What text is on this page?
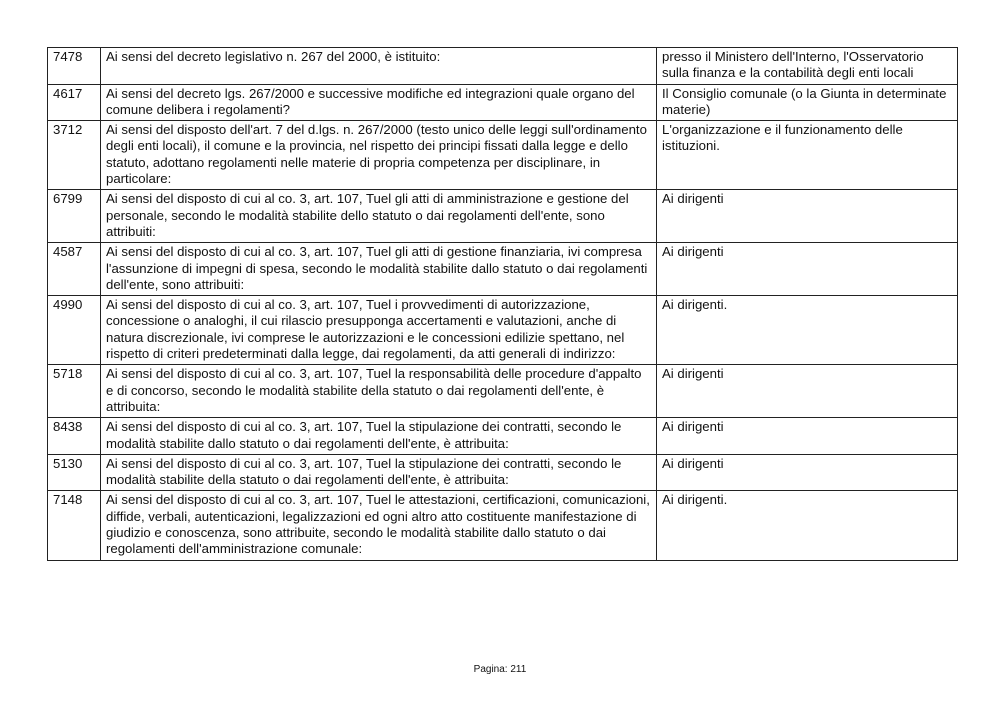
7478	Ai sensi del decreto legislativo n. 267 del 2000, è istituito:	presso il Ministero dell'Interno, l'Osservatorio sulla finanza e la contabilità degli enti locali
4617	Ai sensi del decreto lgs. 267/2000 e successive modifiche ed integrazioni quale organo del comune delibera i regolamenti?	Il Consiglio comunale (o la Giunta in determinate materie)
3712	Ai sensi del disposto dell'art. 7 del d.lgs. n. 267/2000 (testo unico delle leggi sull'ordinamento degli enti locali), il comune e la provincia, nel rispetto dei principi fissati dalla legge e dello statuto, adottano regolamenti nelle materie di propria competenza per disciplinare, in particolare:	L'organizzazione e il funzionamento delle istituzioni.
6799	Ai sensi del disposto di cui al co. 3, art. 107, Tuel gli atti di amministrazione e gestione del personale, secondo le modalità stabilite dello statuto o dai regolamenti dell'ente, sono attribuiti:	Ai dirigenti
4587	Ai sensi del disposto di cui al co. 3, art. 107, Tuel gli atti di gestione finanziaria, ivi compresa l'assunzione di impegni di spesa, secondo le modalità stabilite dallo statuto o dai regolamenti dell'ente, sono attribuiti:	Ai dirigenti
4990	Ai sensi del disposto di cui al co. 3, art. 107, Tuel i provvedimenti di autorizzazione, concessione o analoghi, il cui rilascio presupponga accertamenti e valutazioni, anche di natura discrezionale, ivi comprese le autorizzazioni e le concessioni edilizie spettano, nel rispetto di criteri predeterminati dalla legge, dai regolamenti, da atti generali di indirizzo:	Ai dirigenti.
5718	Ai sensi del disposto di cui al co. 3, art. 107, Tuel la responsabilità delle procedure d'appalto e di concorso, secondo le modalità stabilite della statuto o dai regolamenti dell'ente, è attribuita:	Ai dirigenti
8438	Ai sensi del disposto di cui al co. 3, art. 107, Tuel la stipulazione dei contratti, secondo le modalità stabilite dallo statuto o dai regolamenti dell'ente, è attribuita:	Ai dirigenti
5130	Ai sensi del disposto di cui al co. 3, art. 107, Tuel la stipulazione dei contratti, secondo le modalità stabilite della statuto o dai regolamenti dell'ente, è attribuita:	Ai dirigenti
7148	Ai sensi del disposto di cui al co. 3, art. 107, Tuel le attestazioni, certificazioni, comunicazioni, diffide, verbali, autenticazioni, legalizzazioni ed ogni altro atto costituente manifestazione di giudizio e conoscenza, sono attribuite, secondo le modalità stabilite dallo statuto o dai regolamenti dell'amministrazione comunale:	Ai dirigenti.
Pagina: 211
